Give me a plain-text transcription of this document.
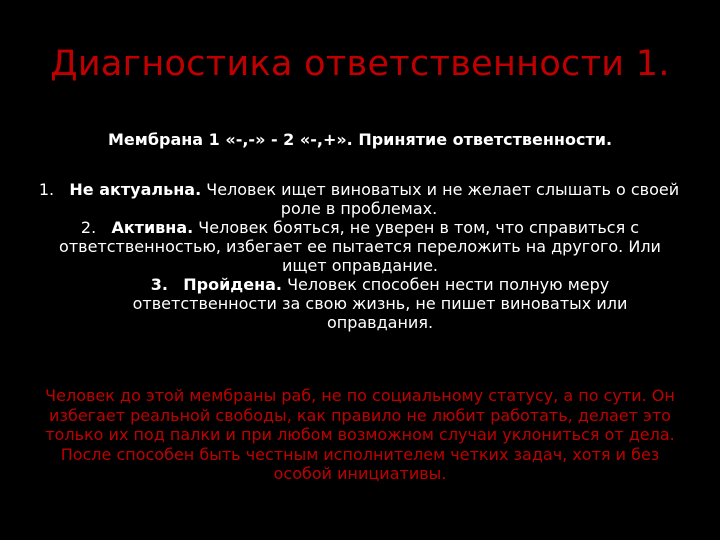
Диагностика ответственности 1.
Мембрана 1 «-,-» - 2 «-,+». Принятие ответственности.
1. Не актуальна. Человек ищет виноватых и не желает слышать о своей роле в проблемах.
2. Активна. Человек бояться, не уверен в том, что справиться с ответственностью, избегает ее пытается переложить на другого. Или ищет оправдание.
3. Пройдена. Человек способен нести полную меру ответственности за свою жизнь, не пишет виноватых или оправдания.
Человек до этой мембраны раб, не по социальному статусу, а по сути. Он избегает реальной свободы, как правило не любит работать, делает это только их под палки и при любом возможном случаи уклониться от дела. После способен быть честным исполнителем четких задач, хотя и без особой инициативы.
